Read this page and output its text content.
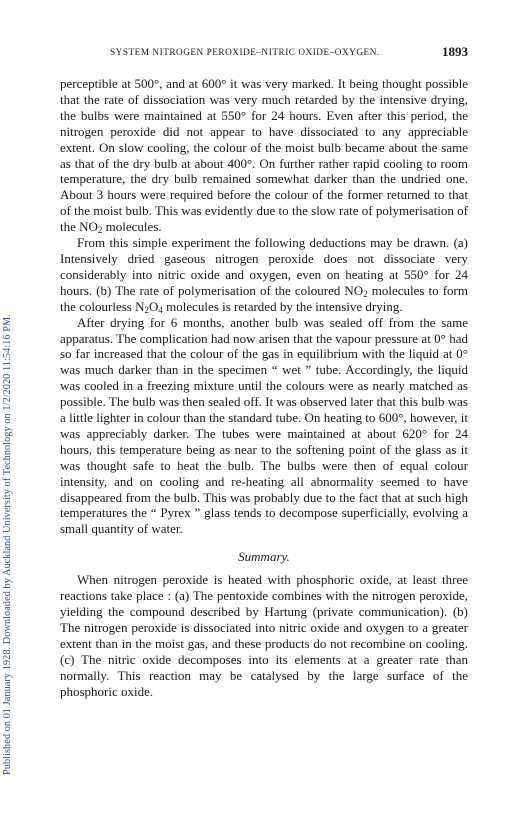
Published on 01 January 1928. Downloaded by Auckland University of Technology on 1/2/2020 11:54:16 PM.
SYSTEM NITROGEN PEROXIDE–NITRIC OXIDE–OXYGEN.	1893

perceptible at 500°, and at 600° it was very marked. It being thought possible that the rate of dissociation was very much retarded by the intensive drying, the bulbs were maintained at 550° for 24 hours. Even after this period, the nitrogen peroxide did not appear to have dissociated to any appreciable extent. On slow cooling, the colour of the moist bulb became about the same as that of the dry bulb at about 400°. On further rather rapid cooling to room temperature, the dry bulb remained somewhat darker than the undried one. About 3 hours were required before the colour of the former returned to that of the moist bulb. This was evidently due to the slow rate of polymerisation of the $NO_2$ molecules.

From this simple experiment the following deductions may be drawn. (a) Intensively dried gaseous nitrogen peroxide does not dissociate very considerably into nitric oxide and oxygen, even on heating at 550° for 24 hours. (b) The rate of polymerisation of the coloured $NO_2$ molecules to form the colourless $N_2O_4$ molecules is retarded by the intensive drying.

After drying for 6 months, another bulb was sealed off from the same apparatus. The complication had now arisen that the vapour pressure at 0° had so far increased that the colour of the gas in equilibrium with the liquid at 0° was much darker than in the specimen “ wet ” tube. Accordingly, the liquid was cooled in a freezing mixture until the colours were as nearly matched as possible. The bulb was then sealed off. It was observed later that this bulb was a little lighter in colour than the standard tube. On heating to 600°, however, it was appreciably darker. The tubes were maintained at about 620° for 24 hours, this temperature being as near to the softening point of the glass as it was thought safe to heat the bulb. The bulbs were then of equal colour intensity, and on cooling and re-heating all abnormality seemed to have disappeared from the bulb. This was probably due to the fact that at such high temperatures the “ Pyrex ” glass tends to decompose superficially, evolving a small quantity of water.

Summary.

When nitrogen peroxide is heated with phosphoric oxide, at least three reactions take place : (a) The pentoxide combines with the nitrogen peroxide, yielding the compound described by Hartung (private communication). (b) The nitrogen peroxide is dissociated into nitric oxide and oxygen to a greater extent than in the moist gas, and these products do not recombine on cooling. (c) The nitric oxide decomposes into its elements at a greater rate than normally. This reaction may be catalysed by the large surface of the phosphoric oxide.
